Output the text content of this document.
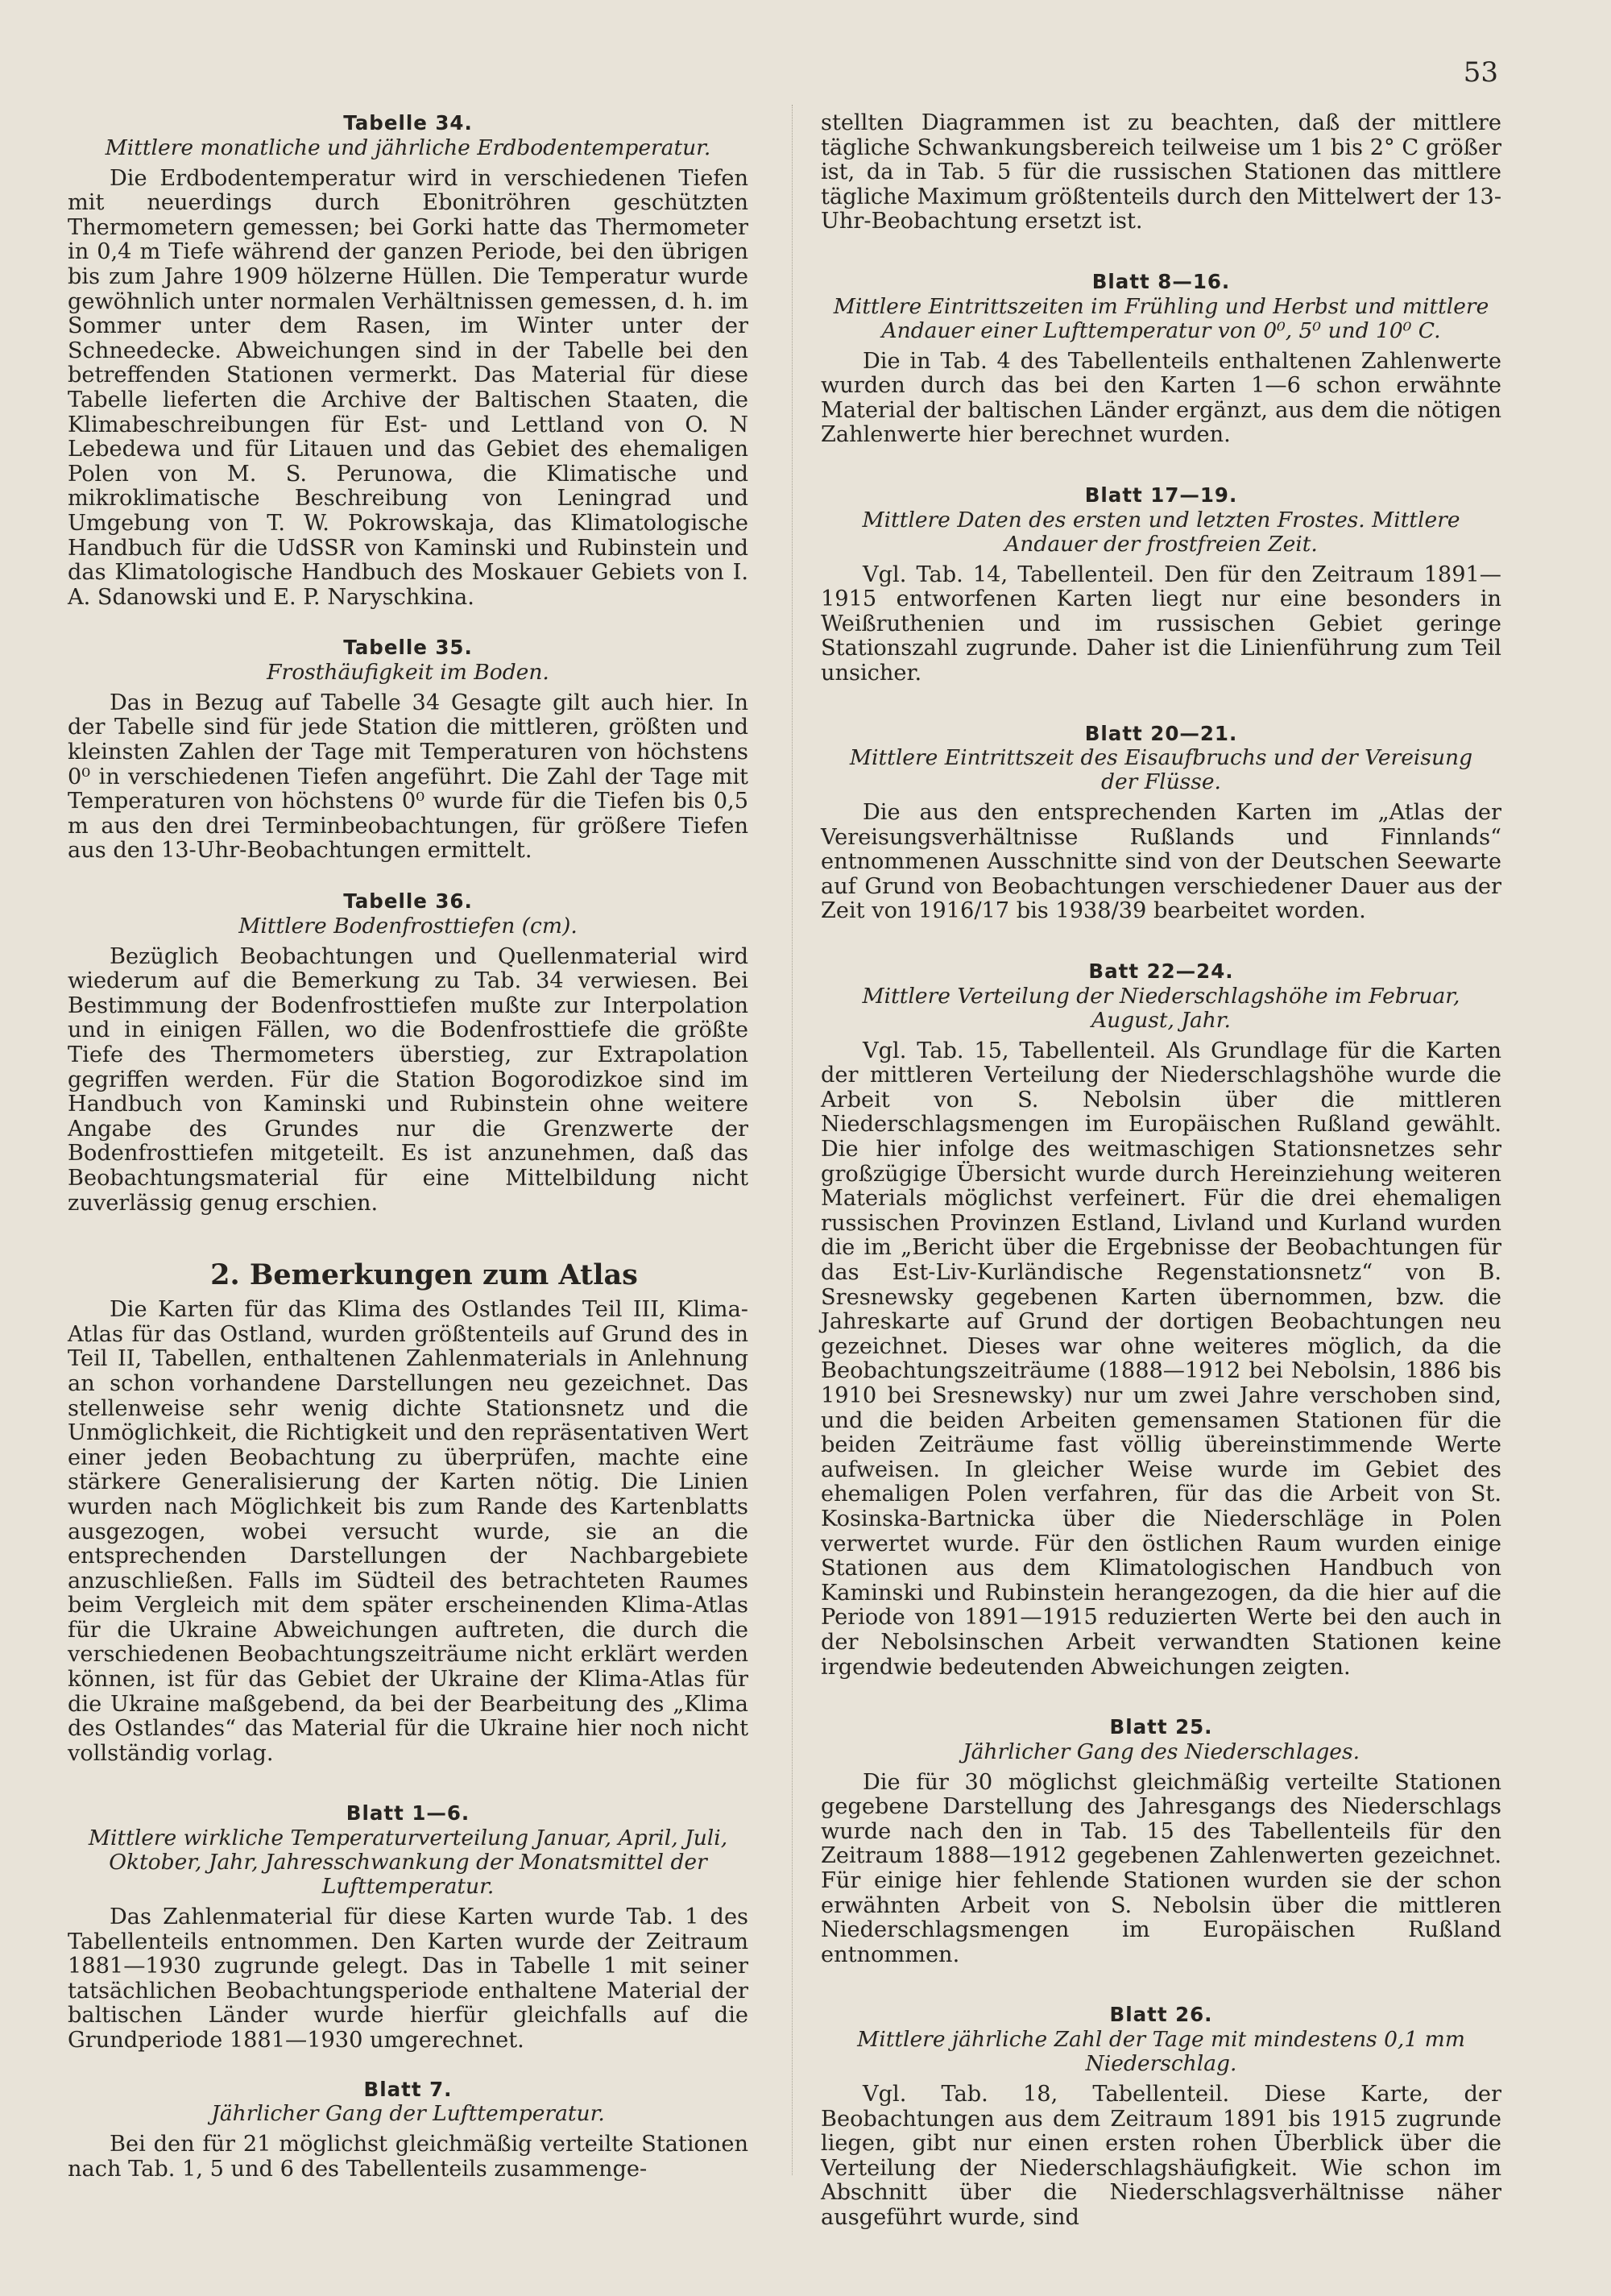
53
Tabelle 34.
Mittlere monatliche und jährliche Erdbodentemperatur.

Die Erdbodentemperatur wird in verschiedenen Tiefen mit neuerdings durch Ebonitröhren geschützten Thermometern gemessen; bei Gorki hatte das Thermometer in 0,4 m Tiefe während der ganzen Periode, bei den übrigen bis zum Jahre 1909 hölzerne Hüllen. Die Temperatur wurde gewöhnlich unter normalen Verhältnissen gemessen, d. h. im Sommer unter dem Rasen, im Winter unter der Schneedecke. Abweichungen sind in der Tabelle bei den betreffenden Stationen vermerkt. Das Material für diese Tabelle lieferten die Archive der Baltischen Staaten, die Klimabeschreibungen für Est- und Lettland von O. N Lebedewa und für Litauen und das Gebiet des ehemaligen Polen von M. S. Perunowa, die Klimatische und mikroklimatische Beschreibung von Leningrad und Umgebung von T. W. Pokrowskaja, das Klimatologische Handbuch für die UdSSR von Kaminski und Rubinstein und das Klimatologische Handbuch des Moskauer Gebiets von I. A. Sdanowski und E. P. Naryschkina.

Tabelle 35.
Frosthäufigkeit im Boden.

Das in Bezug auf Tabelle 34 Gesagte gilt auch hier. In der Tabelle sind für jede Station die mittleren, größten und kleinsten Zahlen der Tage mit Temperaturen von höchstens 0⁰ in verschiedenen Tiefen angeführt. Die Zahl der Tage mit Temperaturen von höchstens 0⁰ wurde für die Tiefen bis 0,5 m aus den drei Terminbeobachtungen, für größere Tiefen aus den 13-Uhr-Beobachtungen ermittelt.

Tabelle 36.
Mittlere Bodenfrosttiefen (cm).

Bezüglich Beobachtungen und Quellenmaterial wird wiederum auf die Bemerkung zu Tab. 34 verwiesen. Bei Bestimmung der Bodenfrosttiefen mußte zur Interpolation und in einigen Fällen, wo die Bodenfrosttiefe die größte Tiefe des Thermometers überstieg, zur Extrapolation gegriffen werden. Für die Station Bogorodizkoe sind im Handbuch von Kaminski und Rubinstein ohne weitere Angabe des Grundes nur die Grenzwerte der Bodenfrosttiefen mitgeteilt. Es ist anzunehmen, daß das Beobachtungsmaterial für eine Mittelbildung nicht zuverlässig genug erschien.

2. Bemerkungen zum Atlas

Die Karten für das Klima des Ostlandes Teil III, Klima-Atlas für das Ostland, wurden größtenteils auf Grund des in Teil II, Tabellen, enthaltenen Zahlenmaterials in Anlehnung an schon vorhandene Darstellungen neu gezeichnet. Das stellenweise sehr wenig dichte Stationsnetz und die Unmöglichkeit, die Richtigkeit und den repräsentativen Wert einer jeden Beobachtung zu überprüfen, machte eine stärkere Generalisierung der Karten nötig. Die Linien wurden nach Möglichkeit bis zum Rande des Kartenblatts ausgezogen, wobei versucht wurde, sie an die entsprechenden Darstellungen der Nachbargebiete anzuschließen. Falls im Südteil des betrachteten Raumes beim Vergleich mit dem später erscheinenden Klima-Atlas für die Ukraine Abweichungen auftreten, die durch die verschiedenen Beobachtungszeiträume nicht erklärt werden können, ist für das Gebiet der Ukraine der Klima-Atlas für die Ukraine maßgebend, da bei der Bearbeitung des „Klima des Ostlandes“ das Material für die Ukraine hier noch nicht vollständig vorlag.

Blatt 1—6.
Mittlere wirkliche Temperaturverteilung Januar, April, Juli, Oktober, Jahr, Jahresschwankung der Monatsmittel der Lufttemperatur.

Das Zahlenmaterial für diese Karten wurde Tab. 1 des Tabellenteils entnommen. Den Karten wurde der Zeitraum 1881—1930 zugrunde gelegt. Das in Tabelle 1 mit seiner tatsächlichen Beobachtungsperiode enthaltene Material der baltischen Länder wurde hierfür gleichfalls auf die Grundperiode 1881—1930 umgerechnet.

Blatt 7.
Jährlicher Gang der Lufttemperatur.

Bei den für 21 möglichst gleichmäßig verteilte Stationen nach Tab. 1, 5 und 6 des Tabellenteils zusammenge-

stellten Diagrammen ist zu beachten, daß der mittlere tägliche Schwankungsbereich teilweise um 1 bis 2° C größer ist, da in Tab. 5 für die russischen Stationen das mittlere tägliche Maximum größtenteils durch den Mittelwert der 13-Uhr-Beobachtung ersetzt ist.

Blatt 8—16.
Mittlere Eintrittszeiten im Frühling und Herbst und mittlere Andauer einer Lufttemperatur von 0⁰, 5⁰ und 10⁰ C.

Die in Tab. 4 des Tabellenteils enthaltenen Zahlenwerte wurden durch das bei den Karten 1—6 schon erwähnte Material der baltischen Länder ergänzt, aus dem die nötigen Zahlenwerte hier berechnet wurden.

Blatt 17—19.
Mittlere Daten des ersten und letzten Frostes. Mittlere Andauer der frostfreien Zeit.

Vgl. Tab. 14, Tabellenteil. Den für den Zeitraum 1891—1915 entworfenen Karten liegt nur eine besonders in Weißruthenien und im russischen Gebiet geringe Stationszahl zugrunde. Daher ist die Linienführung zum Teil unsicher.

Blatt 20—21.
Mittlere Eintrittszeit des Eisaufbruchs und der Vereisung der Flüsse.

Die aus den entsprechenden Karten im „Atlas der Vereisungsverhältnisse Rußlands und Finnlands“ entnommenen Ausschnitte sind von der Deutschen Seewarte auf Grund von Beobachtungen verschiedener Dauer aus der Zeit von 1916/17 bis 1938/39 bearbeitet worden.

Batt 22—24.
Mittlere Verteilung der Niederschlagshöhe im Februar, August, Jahr.

Vgl. Tab. 15, Tabellenteil. Als Grundlage für die Karten der mittleren Verteilung der Niederschlagshöhe wurde die Arbeit von S. Nebolsin über die mittleren Niederschlagsmengen im Europäischen Rußland gewählt. Die hier infolge des weitmaschigen Stationsnetzes sehr großzügige Übersicht wurde durch Hereinziehung weiteren Materials möglichst verfeinert. Für die drei ehemaligen russischen Provinzen Estland, Livland und Kurland wurden die im „Bericht über die Ergebnisse der Beobachtungen für das Est-Liv-Kurländische Regenstationsnetz“ von B. Sresnewsky gegebenen Karten übernommen, bzw. die Jahreskarte auf Grund der dortigen Beobachtungen neu gezeichnet. Dieses war ohne weiteres möglich, da die Beobachtungszeiträume (1888—1912 bei Nebolsin, 1886 bis 1910 bei Sresnewsky) nur um zwei Jahre verschoben sind, und die beiden Arbeiten gemensamen Stationen für die beiden Zeiträume fast völlig übereinstimmende Werte aufweisen. In gleicher Weise wurde im Gebiet des ehemaligen Polen verfahren, für das die Arbeit von St. Kosinska-Bartnicka über die Niederschläge in Polen verwertet wurde. Für den östlichen Raum wurden einige Stationen aus dem Klimatologischen Handbuch von Kaminski und Rubinstein herangezogen, da die hier auf die Periode von 1891—1915 reduzierten Werte bei den auch in der Nebolsinschen Arbeit verwandten Stationen keine irgendwie bedeutenden Abweichungen zeigten.

Blatt 25.
Jährlicher Gang des Niederschlages.

Die für 30 möglichst gleichmäßig verteilte Stationen gegebene Darstellung des Jahresgangs des Niederschlags wurde nach den in Tab. 15 des Tabellenteils für den Zeitraum 1888—1912 gegebenen Zahlenwerten gezeichnet. Für einige hier fehlende Stationen wurden sie der schon erwähnten Arbeit von S. Nebolsin über die mittleren Niederschlagsmengen im Europäischen Rußland entnommen.

Blatt 26.
Mittlere jährliche Zahl der Tage mit mindestens 0,1 mm Niederschlag.

Vgl. Tab. 18, Tabellenteil. Diese Karte, der Beobachtungen aus dem Zeitraum 1891 bis 1915 zugrunde liegen, gibt nur einen ersten rohen Überblick über die Verteilung der Niederschlagshäufigkeit. Wie schon im Abschnitt über die Niederschlagsverhältnisse näher ausgeführt wurde, sind
